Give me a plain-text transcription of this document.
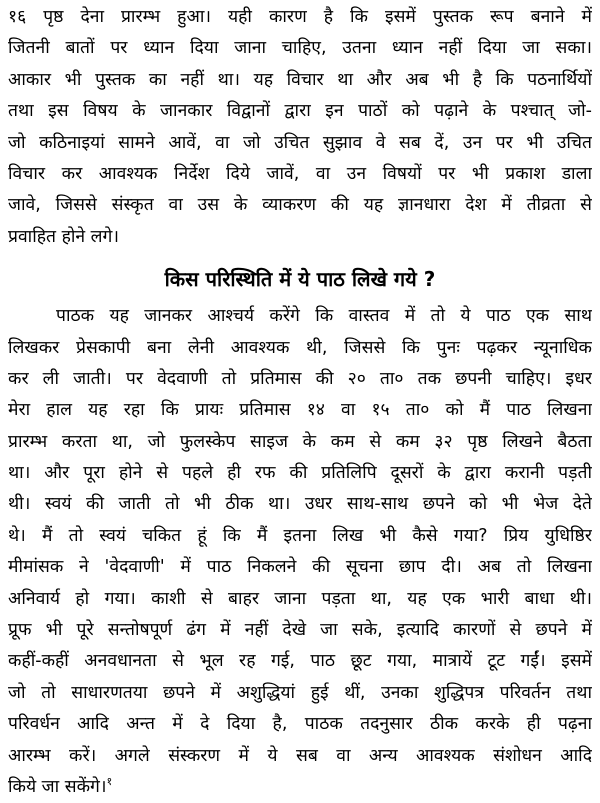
१६ पृष्ठ देना प्रारम्भ हुआ। यही कारण है कि इसमें पुस्तक रूप बनाने में
जितनी बातों पर ध्यान दिया जाना चाहिए, उतना ध्यान नहीं दिया जा सका।
आकार भी पुस्तक का नहीं था। यह विचार था और अब भी है कि पठनार्थियों
तथा इस विषय के जानकार विद्वानों द्वारा इन पाठों को पढ़ाने के पश्चात् जो-
जो कठिनाइयां सामने आवें, वा जो उचित सुझाव वे सब दें, उन पर भी उचित
विचार कर आवश्यक निर्देश दिये जावें, वा उन विषयों पर भी प्रकाश डाला
जावे, जिससे संस्कृत वा उस के व्याकरण की यह ज्ञानधारा देश में तीव्रता से
प्रवाहित होने लगे।
किस परिस्थिति में ये पाठ लिखे गये ?
पाठक यह जानकर आश्चर्य करेंगे कि वास्तव में तो ये पाठ एक साथ
लिखकर प्रेसकापी बना लेनी आवश्यक थी, जिससे कि पुनः पढ़कर न्यूनाधिक
कर ली जाती। पर वेदवाणी तो प्रतिमास की २० ता० तक छपनी चाहिए। इधर
मेरा हाल यह रहा कि प्रायः प्रतिमास १४ वा १५ ता० को मैं पाठ लिखना
प्रारम्भ करता था, जो फुलस्केप साइज के कम से कम ३२ पृष्ठ लिखने बैठता
था। और पूरा होने से पहले ही रफ की प्रतिलिपि दूसरों के द्वारा करानी पड़ती
थी। स्वयं की जाती तो भी ठीक था। उधर साथ-साथ छपने को भी भेज देते
थे। मैं तो स्वयं चकित हूं कि मैं इतना लिख भी कैसे गया? प्रिय युधिष्ठिर
मीमांसक ने 'वेदवाणी' में पाठ निकलने की सूचना छाप दी। अब तो लिखना
अनिवार्य हो गया। काशी से बाहर जाना पड़ता था, यह एक भारी बाधा थी।
प्रूफ भी पूरे सन्तोषपूर्ण ढंग में नहीं देखे जा सके, इत्यादि कारणों से छपने में
कहीं-कहीं अनवधानता से भूल रह गई, पाठ छूट गया, मात्रायें टूट गईं। इसमें
जो तो साधारणतया छपने में अशुद्धियां हुई थीं, उनका शुद्धिपत्र परिवर्तन तथा
परिवर्धन आदि अन्त में दे दिया है, पाठक तदनुसार ठीक करके ही पढ़ना
आरम्भ करें। अगले संस्करण में ये सब वा अन्य आवश्यक संशोधन आदि
किये जा सकेंगे।$^१$
